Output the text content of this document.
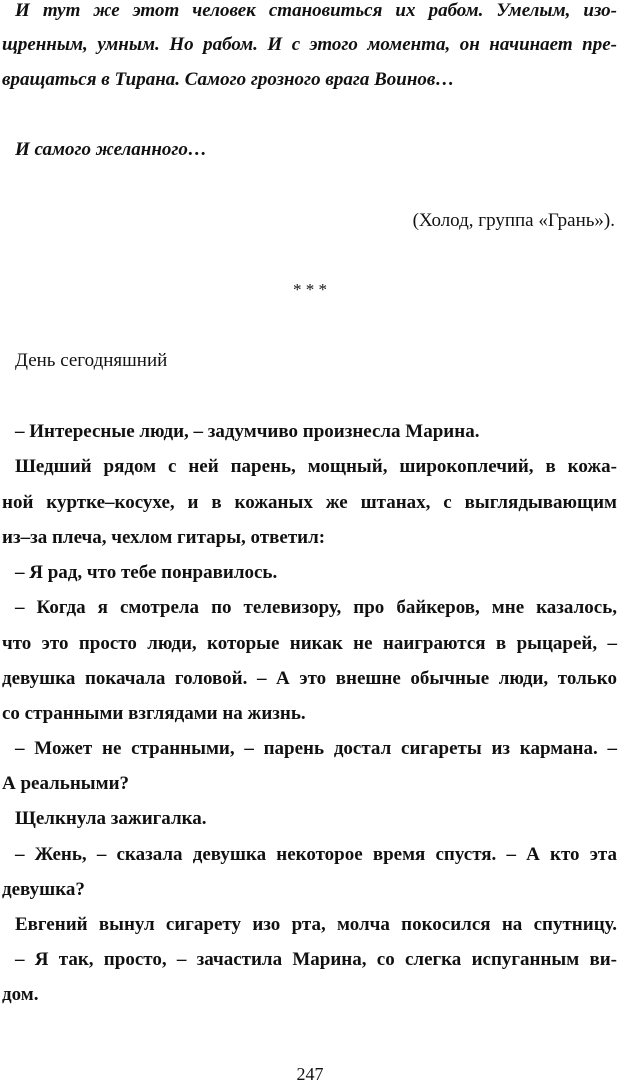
И тут же этот человек становиться их рабом. Умелым, изо-
щренным, умным. Но рабом. И с этого момента, он начинает пре-
вращаться в Тирана. Самого грозного врага Воинов…
И самого желанного…
(Холод, группа «Грань»).
* * *
День сегодняшний
– Интересные люди, – задумчиво произнесла Марина.
Шедший рядом с ней парень, мощный, широкоплечий, в кожа-
ной куртке–косухе, и в кожаных же штанах, с выглядывающим
из–за плеча, чехлом гитары, ответил:
– Я рад, что тебе понравилось.
– Когда я смотрела по телевизору, про байкеров, мне казалось,
что это просто люди, которые никак не наиграются в рыцарей, –
девушка покачала головой. – А это внешне обычные люди, только
со странными взглядами на жизнь.
– Может не странными, – парень достал сигареты из кармана. –
А реальными?
Щелкнула зажигалка.
– Жень, – сказала девушка некоторое время спустя. – А кто эта
девушка?
Евгений вынул сигарету изо рта, молча покосился на спутницу.
– Я так, просто, – зачастила Марина, со слегка испуганным ви-
дом.
247
